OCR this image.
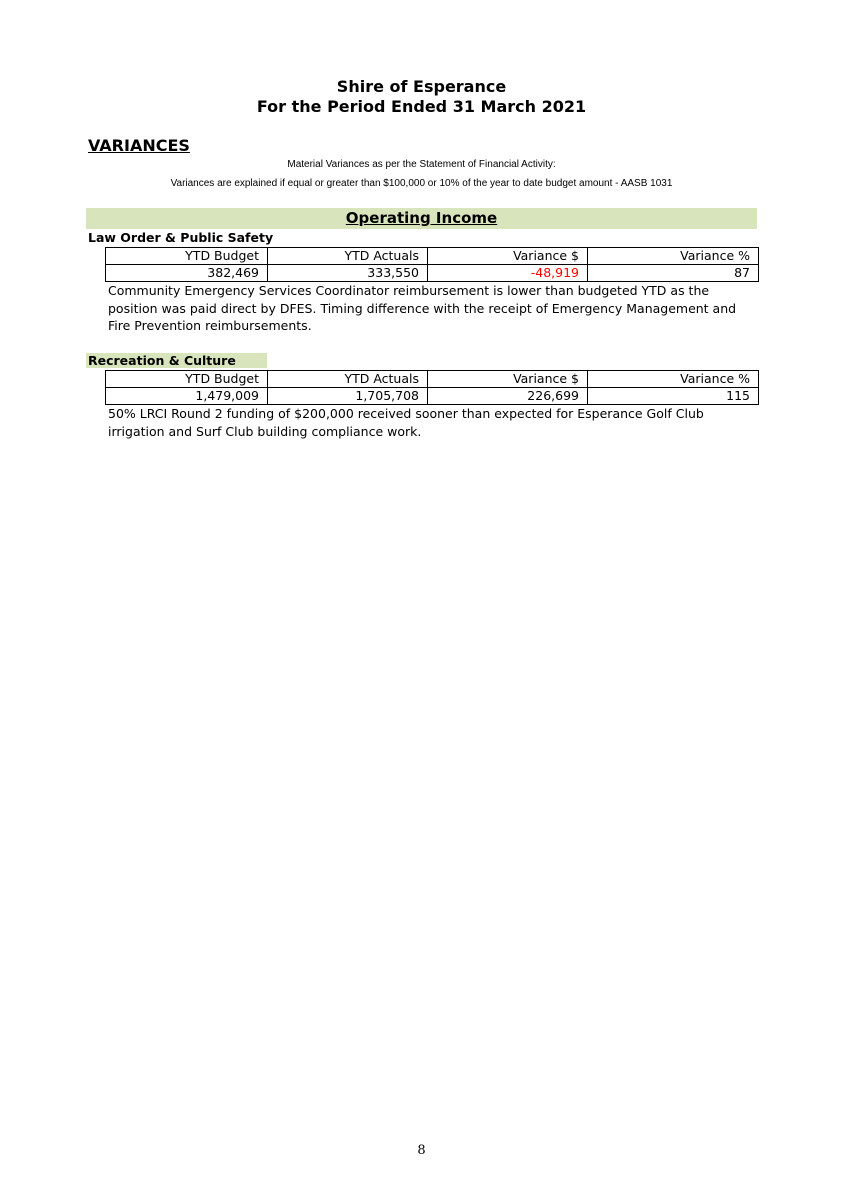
Shire of Esperance
For the Period Ended 31 March 2021
VARIANCES
Material Variances as per the Statement of Financial Activity:
Variances are explained if equal or greater than $100,000 or 10% of the year to date budget amount - AASB 1031
Operating Income
Law Order & Public Safety
YTD Budget	YTD Actuals	Variance $	Variance %
382,469	333,550	-48,919	87
Community Emergency Services Coordinator reimbursement is lower than budgeted YTD as the position was paid direct by DFES. Timing difference with the receipt of Emergency Management and Fire Prevention reimbursements.
Recreation & Culture
YTD Budget	YTD Actuals	Variance $	Variance %
1,479,009	1,705,708	226,699	115
50% LRCI Round 2 funding of $200,000 received sooner than expected for Esperance Golf Club irrigation and Surf Club building compliance work.
8
